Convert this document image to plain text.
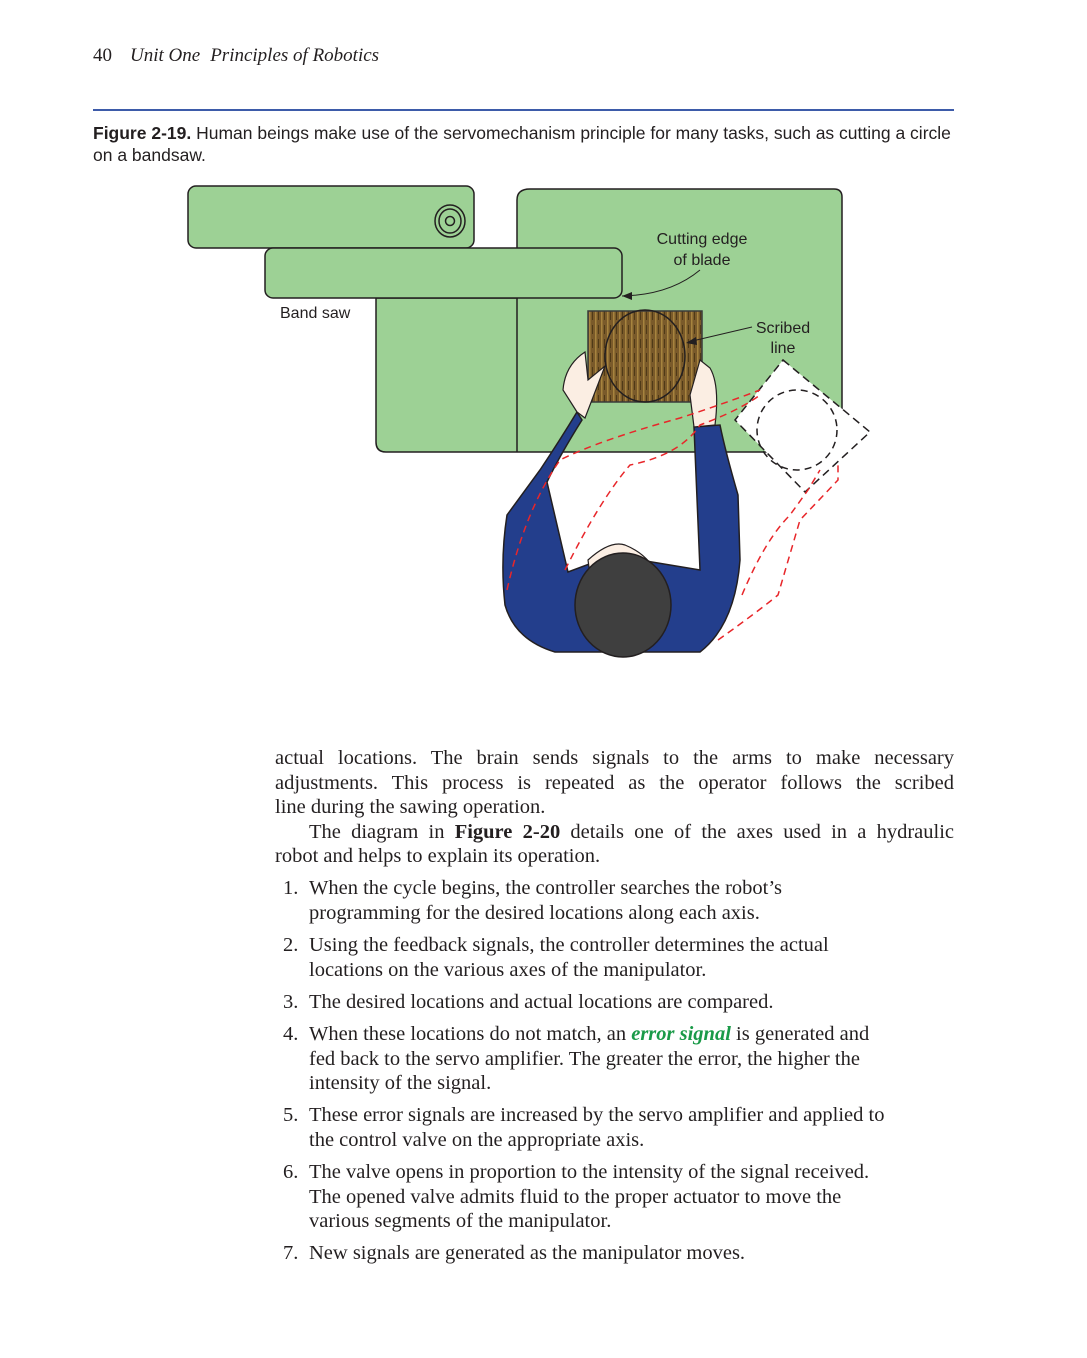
40 Unit One Principles of Robotics
Figure 2-19. Human beings make use of the servomechanism principle for many tasks, such as cutting a circle on a bandsaw.
Cutting edge
of blade
Band saw
Scribed
line
actual locations. The brain sends signals to the arms to make necessary
adjustments. This process is repeated as the operator follows the scribed
line during the sawing operation.
The diagram in Figure 2-20 details one of the axes used in a hydraulic
robot and helps to explain its operation.
1. When the cycle begins, the controller searches the robot’s
programming for the desired locations along each axis.
2. Using the feedback signals, the controller determines the actual
locations on the various axes of the manipulator.
3. The desired locations and actual locations are compared.
4. When these locations do not match, an error signal is generated and
fed back to the servo amplifier. The greater the error, the higher the
intensity of the signal.
5. These error signals are increased by the servo amplifier and applied to
the control valve on the appropriate axis.
6. The valve opens in proportion to the intensity of the signal received.
The opened valve admits fluid to the proper actuator to move the
various segments of the manipulator.
7. New signals are generated as the manipulator moves.
